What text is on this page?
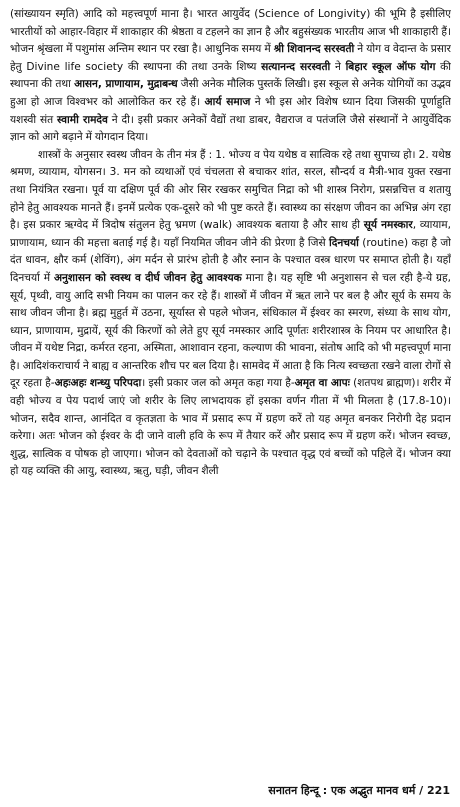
(सांख्यायन स्मृति) आदि को महत्त्वपूर्ण माना है। भारत आयुर्वेद (Science of Longivity) की भूमि है इसीलिए भारतीयों को आहार-विहार में शाकाहार की श्रेष्ठता व टहलने का ज्ञान है और बहुसंख्यक भारतीय आज भी शाकाहारी हैं। भोजन श्रृंखला में पशुमांस अन्तिम स्थान पर रखा है। आधुनिक समय में श्री शिवानन्द सरस्वती ने योग व वेदान्त के प्रसार हेतु Divine life society की स्थापना की तथा उनके शिष्य सत्यानन्द सरस्वती ने बिहार स्कूल ऑफ योग की स्थापना की तथा आसन, प्राणायाम, मुद्राबन्ध जैसी अनेक मौलिक पुस्तकें लिखी। इस स्कूल से अनेक योगियों का उद्भव हुआ हो आज विश्वभर को आलोकित कर रहे हैं। आर्य समाज ने भी इस ओर विशेष ध्यान दिया जिसकी पूर्णाहुति यशस्वी संत स्वामी रामदेव ने दी। इसी प्रकार अनेकों वैद्यों तथा डाबर, वैद्यराज व पतंजलि जैसे संस्थानों ने आयुर्वेदिक ज्ञान को आगे बढ़ाने में योगदान दिया।

शास्त्रों के अनुसार स्वस्थ जीवन के तीन मंत्र हैं : 1. भोज्य व पेय यथेष्ठ व सात्विक रहे तथा सुपाच्य हो। 2. यथेष्ठ श्रमण, व्यायाम, योगसन। 3. मन को व्यथाओं एवं चंचलता से बचाकर शांत, सरल, सौन्दर्य व मैत्री-भाव युक्त रखना तथा नियंत्रित रखना। पूर्व या दक्षिण पूर्व की ओर सिर रखकर समुचित निद्रा को भी शास्त्र निरोग, प्रसन्नचित्त व शतायु होने हेतु आवश्यक मानते हैं। इनमें प्रत्येक एक-दूसरे को भी पुष्ट करते हैं। स्वास्थ्य का संरक्षण जीवन का अभिन्न अंग रहा है। इस प्रकार ऋग्वेद में त्रिदोष संतुलन हेतु भ्रमण (walk) आवश्यक बताया है और साथ ही सूर्य नमस्कार, व्यायाम, प्राणायाम, ध्यान की महत्ता बताई गई है। यहाँ नियमित जीवन जीने की प्रेरणा है जिसे दिनचर्या (routine) कहा है जो दंत धावन, क्षौर कर्म (शेविंग), अंग मर्दन से प्रारंभ होती है और स्नान के पश्चात वस्त्र धारण पर समाप्त होती है। यहाँ दिनचर्या में अनुशासन को स्वस्थ व दीर्घ जीवन हेतु आवश्यक माना है। यह सृष्टि भी अनुशासन से चल रही है-ये ग्रह, सूर्य, पृथ्वी, वायु आदि सभी नियम का पालन कर रहे हैं। शास्त्रों में जीवन में ऋत लाने पर बल है और सूर्य के समय के साथ जीवन जीना है। ब्रह्म मुहुर्त में उठना, सूर्यास्त से पहले भोजन, संधिकाल में ईश्वर का स्मरण, संध्या के साथ योग, ध्यान, प्राणायाम, मुद्रायें, सूर्य की किरणों को लेते हुए सूर्य नमस्कार आदि पूर्णतः शरीरशास्त्र के नियम पर आधारित है। जीवन में यथेष्ट निद्रा, कर्मरत रहना, अस्मिता, आशावान रहना, कल्याण की भावना, संतोष आदि को भी महत्त्वपूर्ण माना है। आदिशंकराचार्य ने बाह्य व आन्तरिक शौच पर बल दिया है। सामवेद में आता है कि नित्य स्वच्छता रखने वाला रोगों से दूर रहता है-अहःअहः शन्ध्यु परिपदा। इसी प्रकार जल को अमृत कहा गया है-अमृत वा आपः (शतपथ ब्राह्मण)। शरीर में वही भोज्य व पेय पदार्थ जाएं जो शरीर के लिए लाभदायक हों इसका वर्णन गीता में भी मिलता है (17.8-10)। भोजन, सदैव शान्त, आनंदित व कृतज्ञता के भाव में प्रसाद रूप में ग्रहण करें तो यह अमृत बनकर निरोगी देह प्रदान करेगा। अतः भोजन को ईश्वर के दी जाने वाली हवि के रूप में तैयार करें और प्रसाद रूप में ग्रहण करें। भोजन स्वच्छ, शुद्ध, सात्विक व पोषक हो जाएगा। भोजन को देवताओं को चढ़ाने के पश्चात वृद्ध एवं बच्चों को पहिले दें। भोजन क्या हो यह व्यक्ति की आयु, स्वास्थ्य, ऋतु, घड़ी, जीवन शैली

सनातन हिन्दू : एक अद्भुत मानव धर्म / 221
